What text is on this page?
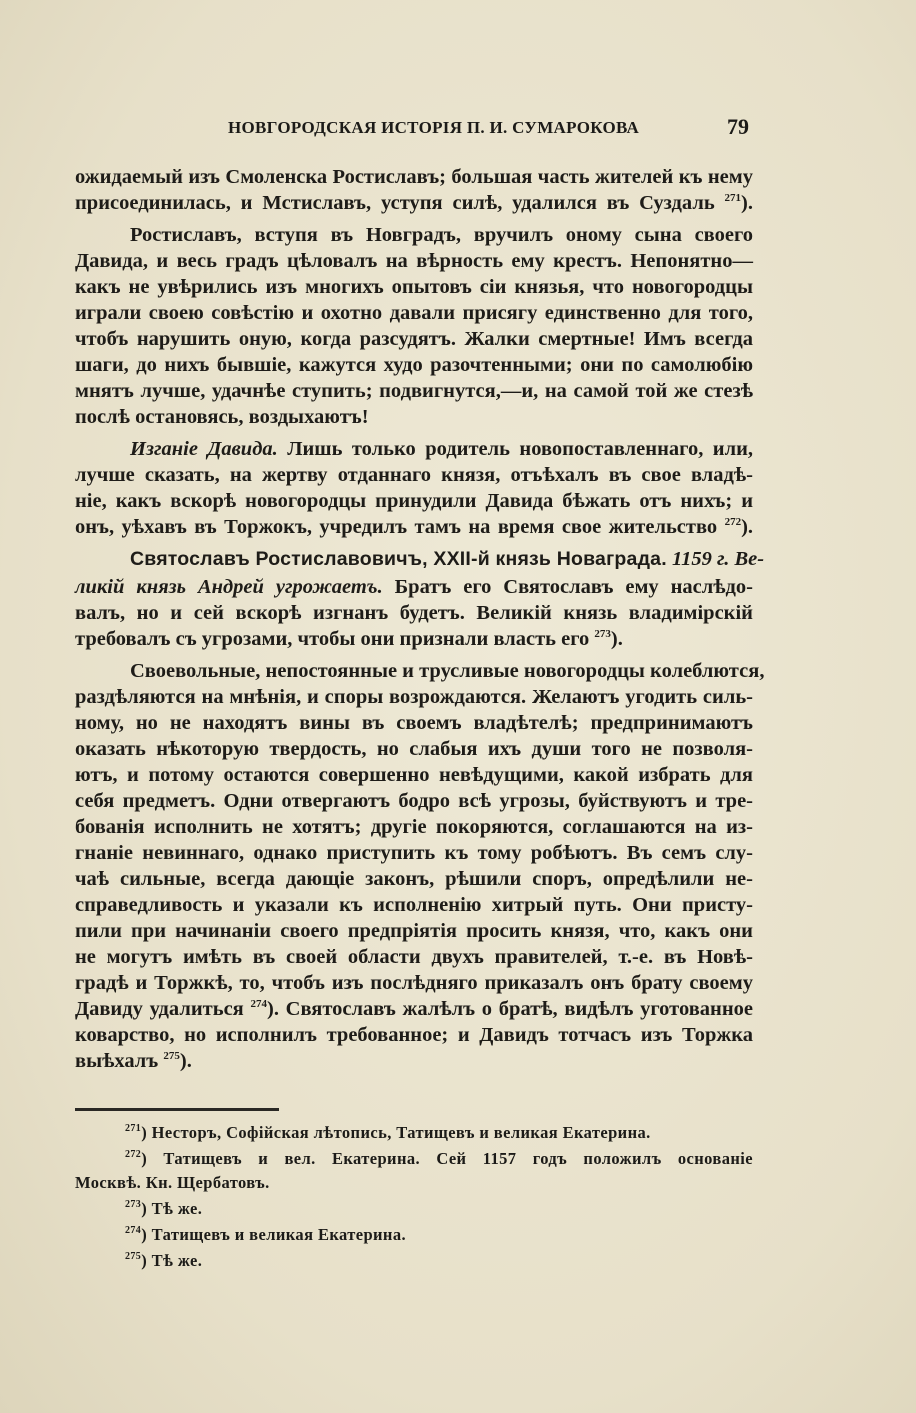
НОВГОРОДСКАЯ ИСТОРІЯ П. И. СУМАРОКОВА	79
ожидаемый изъ Смоленска Ростиславъ; большая часть жителей къ нему
присоединилась, и Мстиславъ, уступя силѣ, удалился въ Суздаль $^{271}$).
Ростиславъ, вступя въ Новградъ, вручилъ оному сына своего
Давида, и весь градъ цѣловалъ на вѣрность ему крестъ. Непонятно—
какъ не увѣрились изъ многихъ опытовъ сіи князья, что новогородцы
играли своею совѣстію и охотно давали присягу единственно для того,
чтобъ нарушить оную, когда разсудятъ. Жалки смертные! Имъ всегда
шаги, до нихъ бывшіе, кажутся худо разочтенными; они по самолюбію
мнятъ лучше, удачнѣе ступить; подвигнутся,—и, на самой той же стезѣ
послѣ остановясь, воздыхаютъ!
Изганіе Давида. Лишь только родитель новопоставленнаго, или,
лучше сказать, на жертву отданнаго князя, отъѣхалъ въ свое владѣ-
ніе, какъ вскорѣ новогородцы принудили Давида бѣжать отъ нихъ; и
онъ, уѣхавъ въ Торжокъ, учредилъ тамъ на время свое жительство $^{272}$).
Святославъ Ростиславовичъ, XXII-й князь Новаграда. 1159 г. Ве-
ликій князь Андрей угрожаетъ. Братъ его Святославъ ему наслѣдо-
валъ, но и сей вскорѣ изгнанъ будетъ. Великій князь владимірскій
требовалъ съ угрозами, чтобы они признали власть его $^{273}$).
Своевольные, непостоянные и трусливые новогородцы колеблются,
раздѣляются на мнѣнія, и споры возрождаются. Желаютъ угодить силь-
ному, но не находятъ вины въ своемъ владѣтелѣ; предпринимаютъ
оказать нѣкоторую твердость, но слабыя ихъ души того не позволя-
ютъ, и потому остаются совершенно невѣдущими, какой избрать для
себя предметъ. Одни отвергаютъ бодро всѣ угрозы, буйствуютъ и тре-
бованія исполнить не хотятъ; другіе покоряются, соглашаются на из-
гнаніе невиннаго, однако приступить къ тому робѣютъ. Въ семъ слу-
чаѣ сильные, всегда дающіе законъ, рѣшили споръ, опредѣлили не-
справедливость и указали къ исполненію хитрый путь. Они присту-
пили при начинаніи своего предпріятія просить князя, что, какъ они
не могутъ имѣть въ своей области двухъ правителей, т.-е. въ Новѣ-
градѣ и Торжкѣ, то, чтобъ изъ послѣдняго приказалъ онъ брату своему
Давиду удалиться $^{274}$). Святославъ жалѣлъ о братѣ, видѣлъ уготованное
коварство, но исполнилъ требованное; и Давидъ тотчасъ изъ Торжка
выѣхалъ $^{275}$).
$^{271}$) Несторъ, Софійская лѣтопись, Татищевъ и великая Екатерина.
$^{272}$) Татищевъ и вел. Екатерина. Сей 1157 годъ положилъ основаніе
Москвѣ. Кн. Щербатовъ.
$^{273}$) Тѣ же.
$^{274}$) Татищевъ и великая Екатерина.
$^{275}$) Тѣ же.
